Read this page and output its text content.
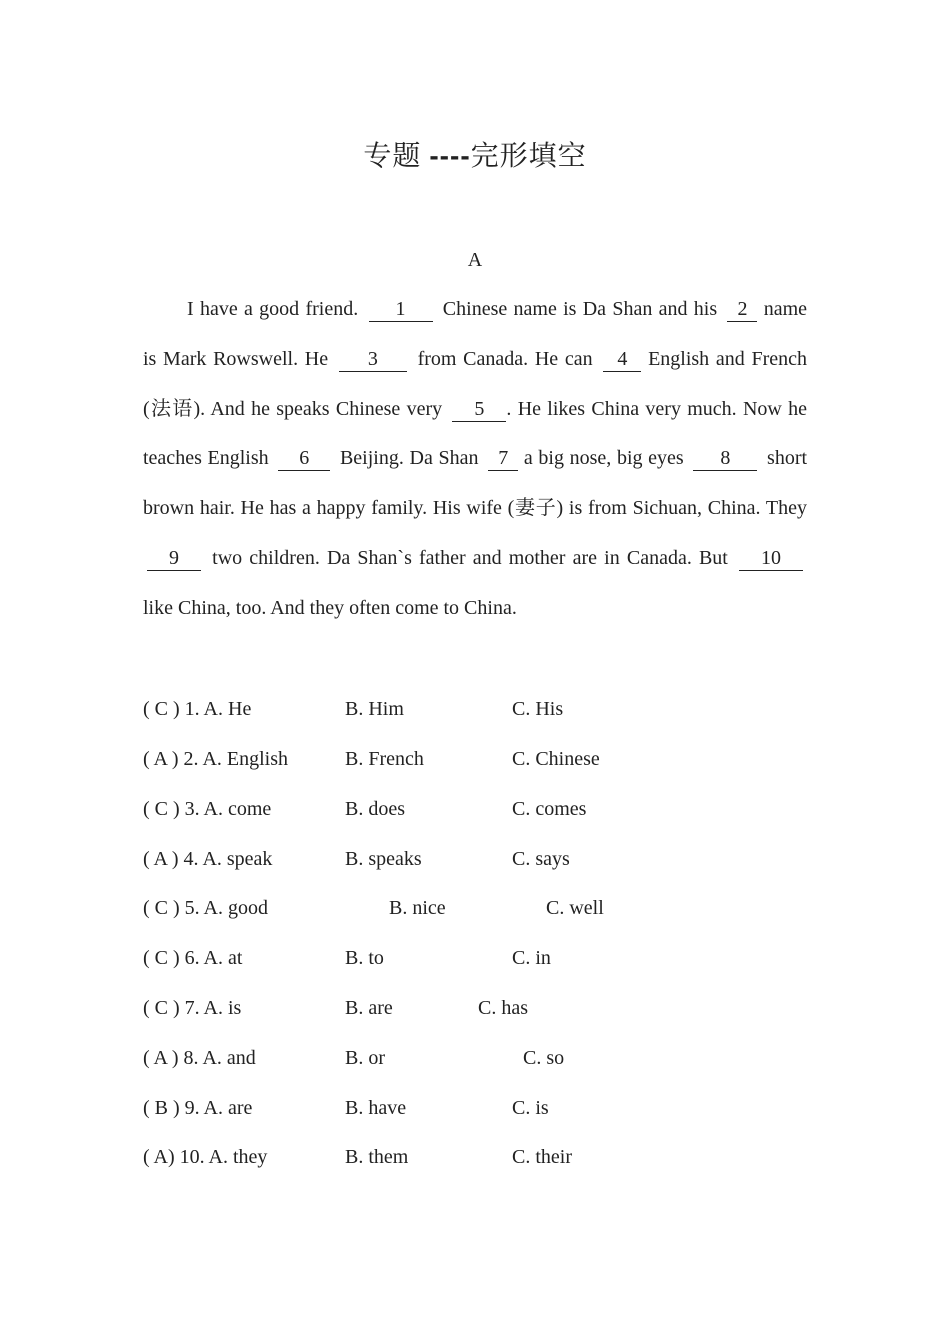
专题 ----完形填空
A
I have a good friend. 1 Chinese name is Da Shan and his 2 name is Mark Rowswell. He 3 from Canada. He can 4 English and French (法语). And he speaks Chinese very 5 . He likes China very much. Now he teaches English 6 Beijing. Da Shan 7 a big nose, big eyes 8 short brown hair. He has a happy family. His wife (妻子) is from Sichuan, China. They 9 two children. Da Shan`s father and mother are in Canada. But 10 like China, too. And they often come to China.
( C ) 1. A. He	B. Him	C. His
( A ) 2. A. English	B. French	C. Chinese
( C ) 3. A. come	B. does	C. comes
( A ) 4. A. speak	B. speaks	C. says
( C ) 5. A. good	B. nice	C. well
( C ) 6. A. at	B. to	C. in
( C ) 7. A. is	B. are	C. has
( A ) 8. A. and	B. or	C. so
( B ) 9. A. are	B. have	C. is
( A) 10. A. they	B. them	C. their
